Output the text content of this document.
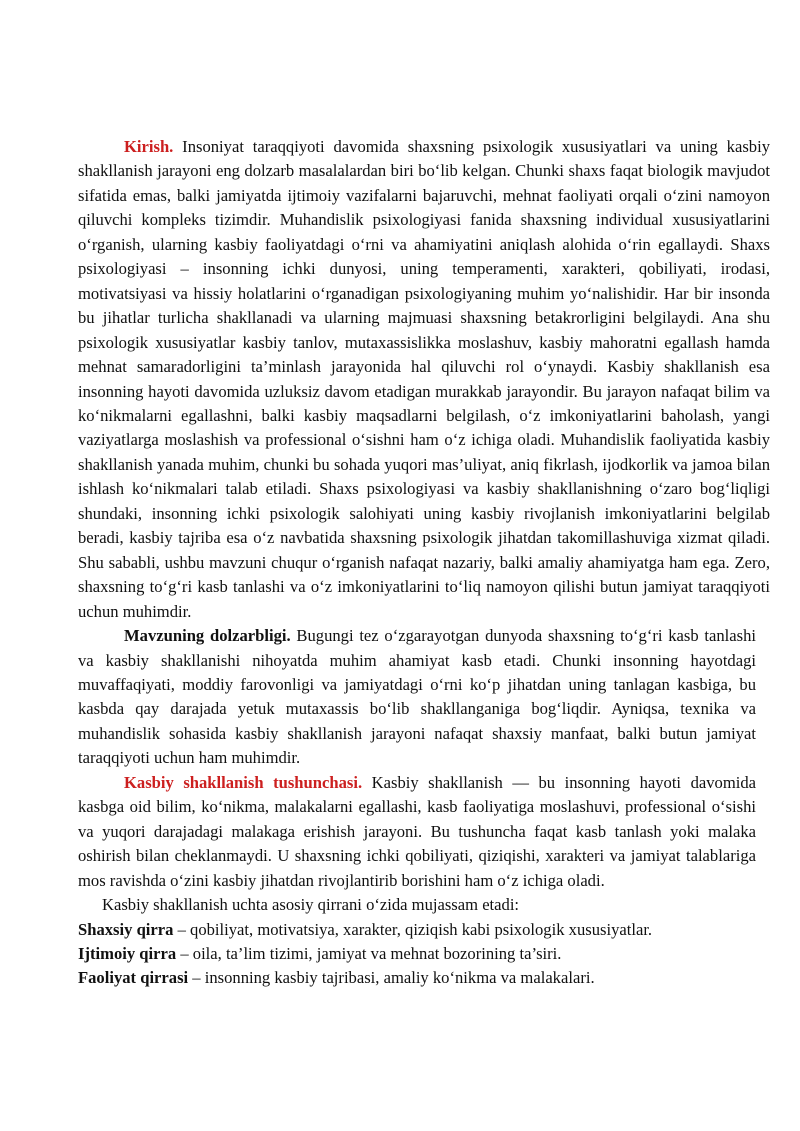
Kirish. Insoniyat taraqqiyoti davomida shaxsning psixologik xususiyatlari va uning kasbiy shakllanish jarayoni eng dolzarb masalalardan biri bo‘lib kelgan. Chunki shaxs faqat biologik mavjudot sifatida emas, balki jamiyatda ijtimoiy vazifalarni bajaruvchi, mehnat faoliyati orqali o‘zini namoyon qiluvchi kompleks tizimdir. Muhandislik psixologiyasi fanida shaxsning individual xususiyatlarini o‘rganish, ularning kasbiy faoliyatdagi o‘rni va ahamiyatini aniqlash alohida o‘rin egallaydi. Shaxs psixologiyasi – insonning ichki dunyosi, uning temperamenti, xarakteri, qobiliyati, irodasi, motivatsiyasi va hissiy holatlarini o‘rganadigan psixologiyaning muhim yo‘nalishidir. Har bir insonda bu jihatlar turlicha shakllanadi va ularning majmuasi shaxsning betakrorligini belgilaydi. Ana shu psixologik xususiyatlar kasbiy tanlov, mutaxassislikka moslashuv, kasbiy mahoratni egallash hamda mehnat samaradorligini ta’minlash jarayonida hal qiluvchi rol o‘ynaydi. Kasbiy shakllanish esa insonning hayoti davomida uzluksiz davom etadigan murakkab jarayondir. Bu jarayon nafaqat bilim va ko‘nikmalarni egallashni, balki kasbiy maqsadlarni belgilash, o‘z imkoniyatlarini baholash, yangi vaziyatlarga moslashish va professional o‘sishni ham o‘z ichiga oladi. Muhandislik faoliyatida kasbiy shakllanish yanada muhim, chunki bu sohada yuqori mas’uliyat, aniq fikrlash, ijodkorlik va jamoa bilan ishlash ko‘nikmalari talab etiladi. Shaxs psixologiyasi va kasbiy shakllanishning o‘zaro bog‘liqligi shundaki, insonning ichki psixologik salohiyati uning kasbiy rivojlanish imkoniyatlarini belgilab beradi, kasbiy tajriba esa o‘z navbatida shaxsning psixologik jihatdan takomillashuviga xizmat qiladi. Shu sababli, ushbu mavzuni chuqur o‘rganish nafaqat nazariy, balki amaliy ahamiyatga ham ega. Zero, shaxsning to‘g‘ri kasb tanlashi va o‘z imkoniyatlarini to‘liq namoyon qilishi butun jamiyat taraqqiyoti uchun muhimdir.

Mavzuning dolzarbligi. Bugungi tez o‘zgarayotgan dunyoda shaxsning to‘g‘ri kasb tanlashi va kasbiy shakllanishi nihoyatda muhim ahamiyat kasb etadi. Chunki insonning hayotdagi muvaffaqiyati, moddiy farovonligi va jamiyatdagi o‘rni ko‘p jihatdan uning tanlagan kasbiga, bu kasbda qay darajada yetuk mutaxassis bo‘lib shakllanganiga bog‘liqdir. Ayniqsa, texnika va muhandislik sohasida kasbiy shakllanish jarayoni nafaqat shaxsiy manfaat, balki butun jamiyat taraqqiyoti uchun ham muhimdir.

Kasbiy shakllanish tushunchasi. Kasbiy shakllanish — bu insonning hayoti davomida kasbga oid bilim, ko‘nikma, malakalarni egallashi, kasb faoliyatiga moslashuvi, professional o‘sishi va yuqori darajadagi malakaga erishish jarayoni. Bu tushuncha faqat kasb tanlash yoki malaka oshirish bilan cheklanmaydi. U shaxsning ichki qobiliyati, qiziqishi, xarakteri va jamiyat talablariga mos ravishda o‘zini kasbiy jihatdan rivojlantirib borishini ham o‘z ichiga oladi.

Kasbiy shakllanish uchta asosiy qirrani o‘zida mujassam etadi:

Shaxsiy qirra – qobiliyat, motivatsiya, xarakter, qiziqish kabi psixologik xususiyatlar.

Ijtimoiy qirra – oila, ta’lim tizimi, jamiyat va mehnat bozorining ta’siri.

Faoliyat qirrasi – insonning kasbiy tajribasi, amaliy ko‘nikma va malakalari.
